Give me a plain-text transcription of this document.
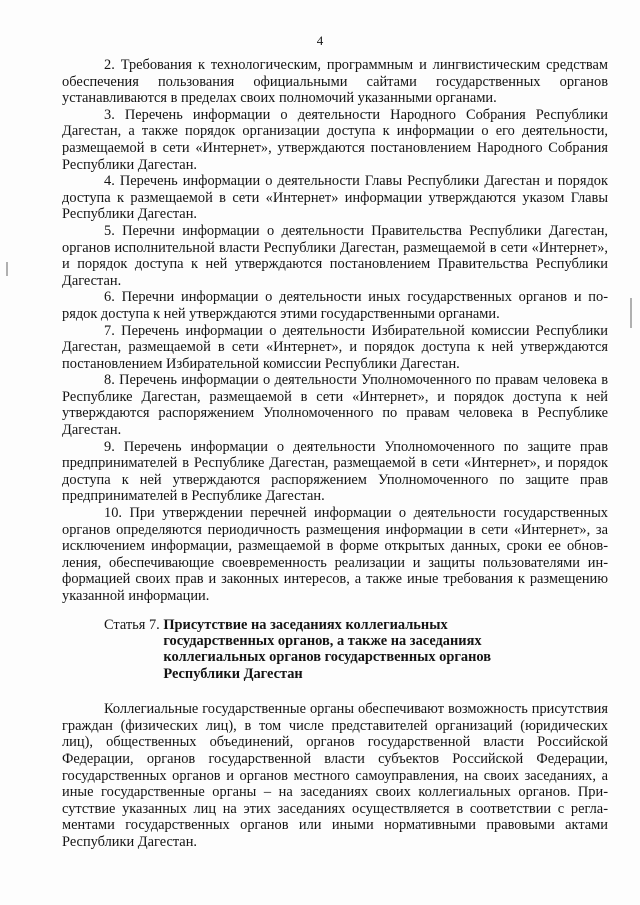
4

2. Требования к технологическим, программным и лингвистическим средствам обеспечения пользования официальными сайтами государственных органов устанавливаются в пределах своих полномочий указанными органами.

3. Перечень информации о деятельности Народного Собрания Республики Дагестан, а также порядок организации доступа к информации о его деятельности, размещаемой в сети «Интернет», утверждаются постановлением Народного Собрания Республики Дагестан.

4. Перечень информации о деятельности Главы Республики Дагестан и порядок доступа к размещаемой в сети «Интернет» информации утверждаются указом Главы Республики Дагестан.

5. Перечни информации о деятельности Правительства Республики Дагестан, органов исполнительной власти Республики Дагестан, размещаемой в сети «Интернет», и порядок доступа к ней утверждаются постановлением Правительства Республики Дагестан.

6. Перечни информации о деятельности иных государственных органов и порядок доступа к ней утверждаются этими государственными органами.

7. Перечень информации о деятельности Избирательной комиссии Республики Дагестан, размещаемой в сети «Интернет», и порядок доступа к ней утверждаются постановлением Избирательной комиссии Республики Дагестан.

8. Перечень информации о деятельности Уполномоченного по правам человека в Республике Дагестан, размещаемой в сети «Интернет», и порядок доступа к ней утверждаются распоряжением Уполномоченного по правам человека в Республике Дагестан.

9. Перечень информации о деятельности Уполномоченного по защите прав предпринимателей в Республике Дагестан, размещаемой в сети «Интернет», и порядок доступа к ней утверждаются распоряжением Уполномоченного по защите прав предпринимателей в Республике Дагестан.

10. При утверждении перечней информации о деятельности государственных органов определяются периодичность размещения информации в сети «Интернет», за исключением информации, размещаемой в форме открытых данных, сроки ее обновления, обеспечивающие своевременность реализации и защиты пользователями информацией своих прав и законных интересов, а также иные требования к размещению указанной информации.

Статья 7. Присутствие на заседаниях коллегиальных
государственных органов, а также на заседаниях
коллегиальных органов государственных органов
Республики Дагестан

Коллегиальные государственные органы обеспечивают возможность присутствия граждан (физических лиц), в том числе представителей организаций (юридических лиц), общественных объединений, органов государственной власти Российской Федерации, органов государственной власти субъектов Российской Федерации, государственных органов и органов местного самоуправления, на своих заседаниях, а иные государственные органы – на заседаниях своих коллегиальных органов. Присутствие указанных лиц на этих заседаниях осуществляется в соответствии с регламентами государственных органов или иными нормативными правовыми актами Республики Дагестан.
